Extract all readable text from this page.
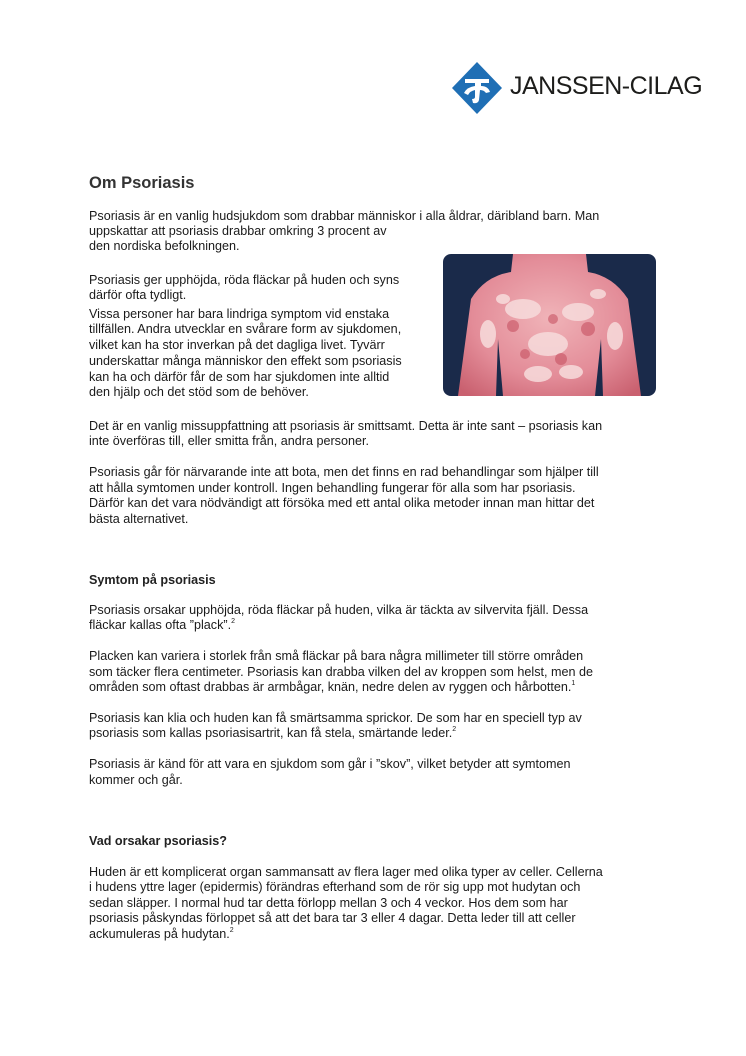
JANSSEN-CILAG
Om Psoriasis

Psoriasis är en vanlig hudsjukdom som drabbar människor i alla åldrar, däribland barn. Man

uppskattar att psoriasis drabbar omkring 3 procent av

den nordiska befolkningen.

Psoriasis ger upphöjda, röda fläckar på huden och syns

därför ofta tydligt.

Vissa personer har bara lindriga symptom vid enstaka

tillfällen. Andra utvecklar en svårare form av sjukdomen,

vilket kan ha stor inverkan på det dagliga livet. Tyvärr

underskattar många människor den effekt som psoriasis

kan ha och därför får de som har sjukdomen inte alltid

den hjälp och det stöd som de behöver.

Det är en vanlig missuppfattning att psoriasis är smittsamt. Detta är inte sant – psoriasis kan

inte överföras till, eller smitta från, andra personer.

Psoriasis går för närvarande inte att bota, men det finns en rad behandlingar som hjälper till

att hålla symtomen under kontroll. Ingen behandling fungerar för alla som har psoriasis.

Därför kan det vara nödvändigt att försöka med ett antal olika metoder innan man hittar det

bästa alternativet.

Symtom på psoriasis

Psoriasis orsakar upphöjda, röda fläckar på huden, vilka är täckta av silvervita fjäll. Dessa

fläckar kallas ofta ”plack”.$^2$

Placken kan variera i storlek från små fläckar på bara några millimeter till större områden

som täcker flera centimeter. Psoriasis kan drabba vilken del av kroppen som helst, men de

områden som oftast drabbas är armbågar, knän, nedre delen av ryggen och hårbotten.$^1$

Psoriasis kan klia och huden kan få smärtsamma sprickor. De som har en speciell typ av

psoriasis som kallas psoriasisartrit, kan få stela, smärtande leder.$^2$

Psoriasis är känd för att vara en sjukdom som går i ”skov”, vilket betyder att symtomen

kommer och går.

Vad orsakar psoriasis?

Huden är ett komplicerat organ sammansatt av flera lager med olika typer av celler. Cellerna

i hudens yttre lager (epidermis) förändras efterhand som de rör sig upp mot hudytan och

sedan släpper. I normal hud tar detta förlopp mellan 3 och 4 veckor. Hos dem som har

psoriasis påskyndas förloppet så att det bara tar 3 eller 4 dagar. Detta leder till att celler

ackumuleras på hudytan.$^2$
